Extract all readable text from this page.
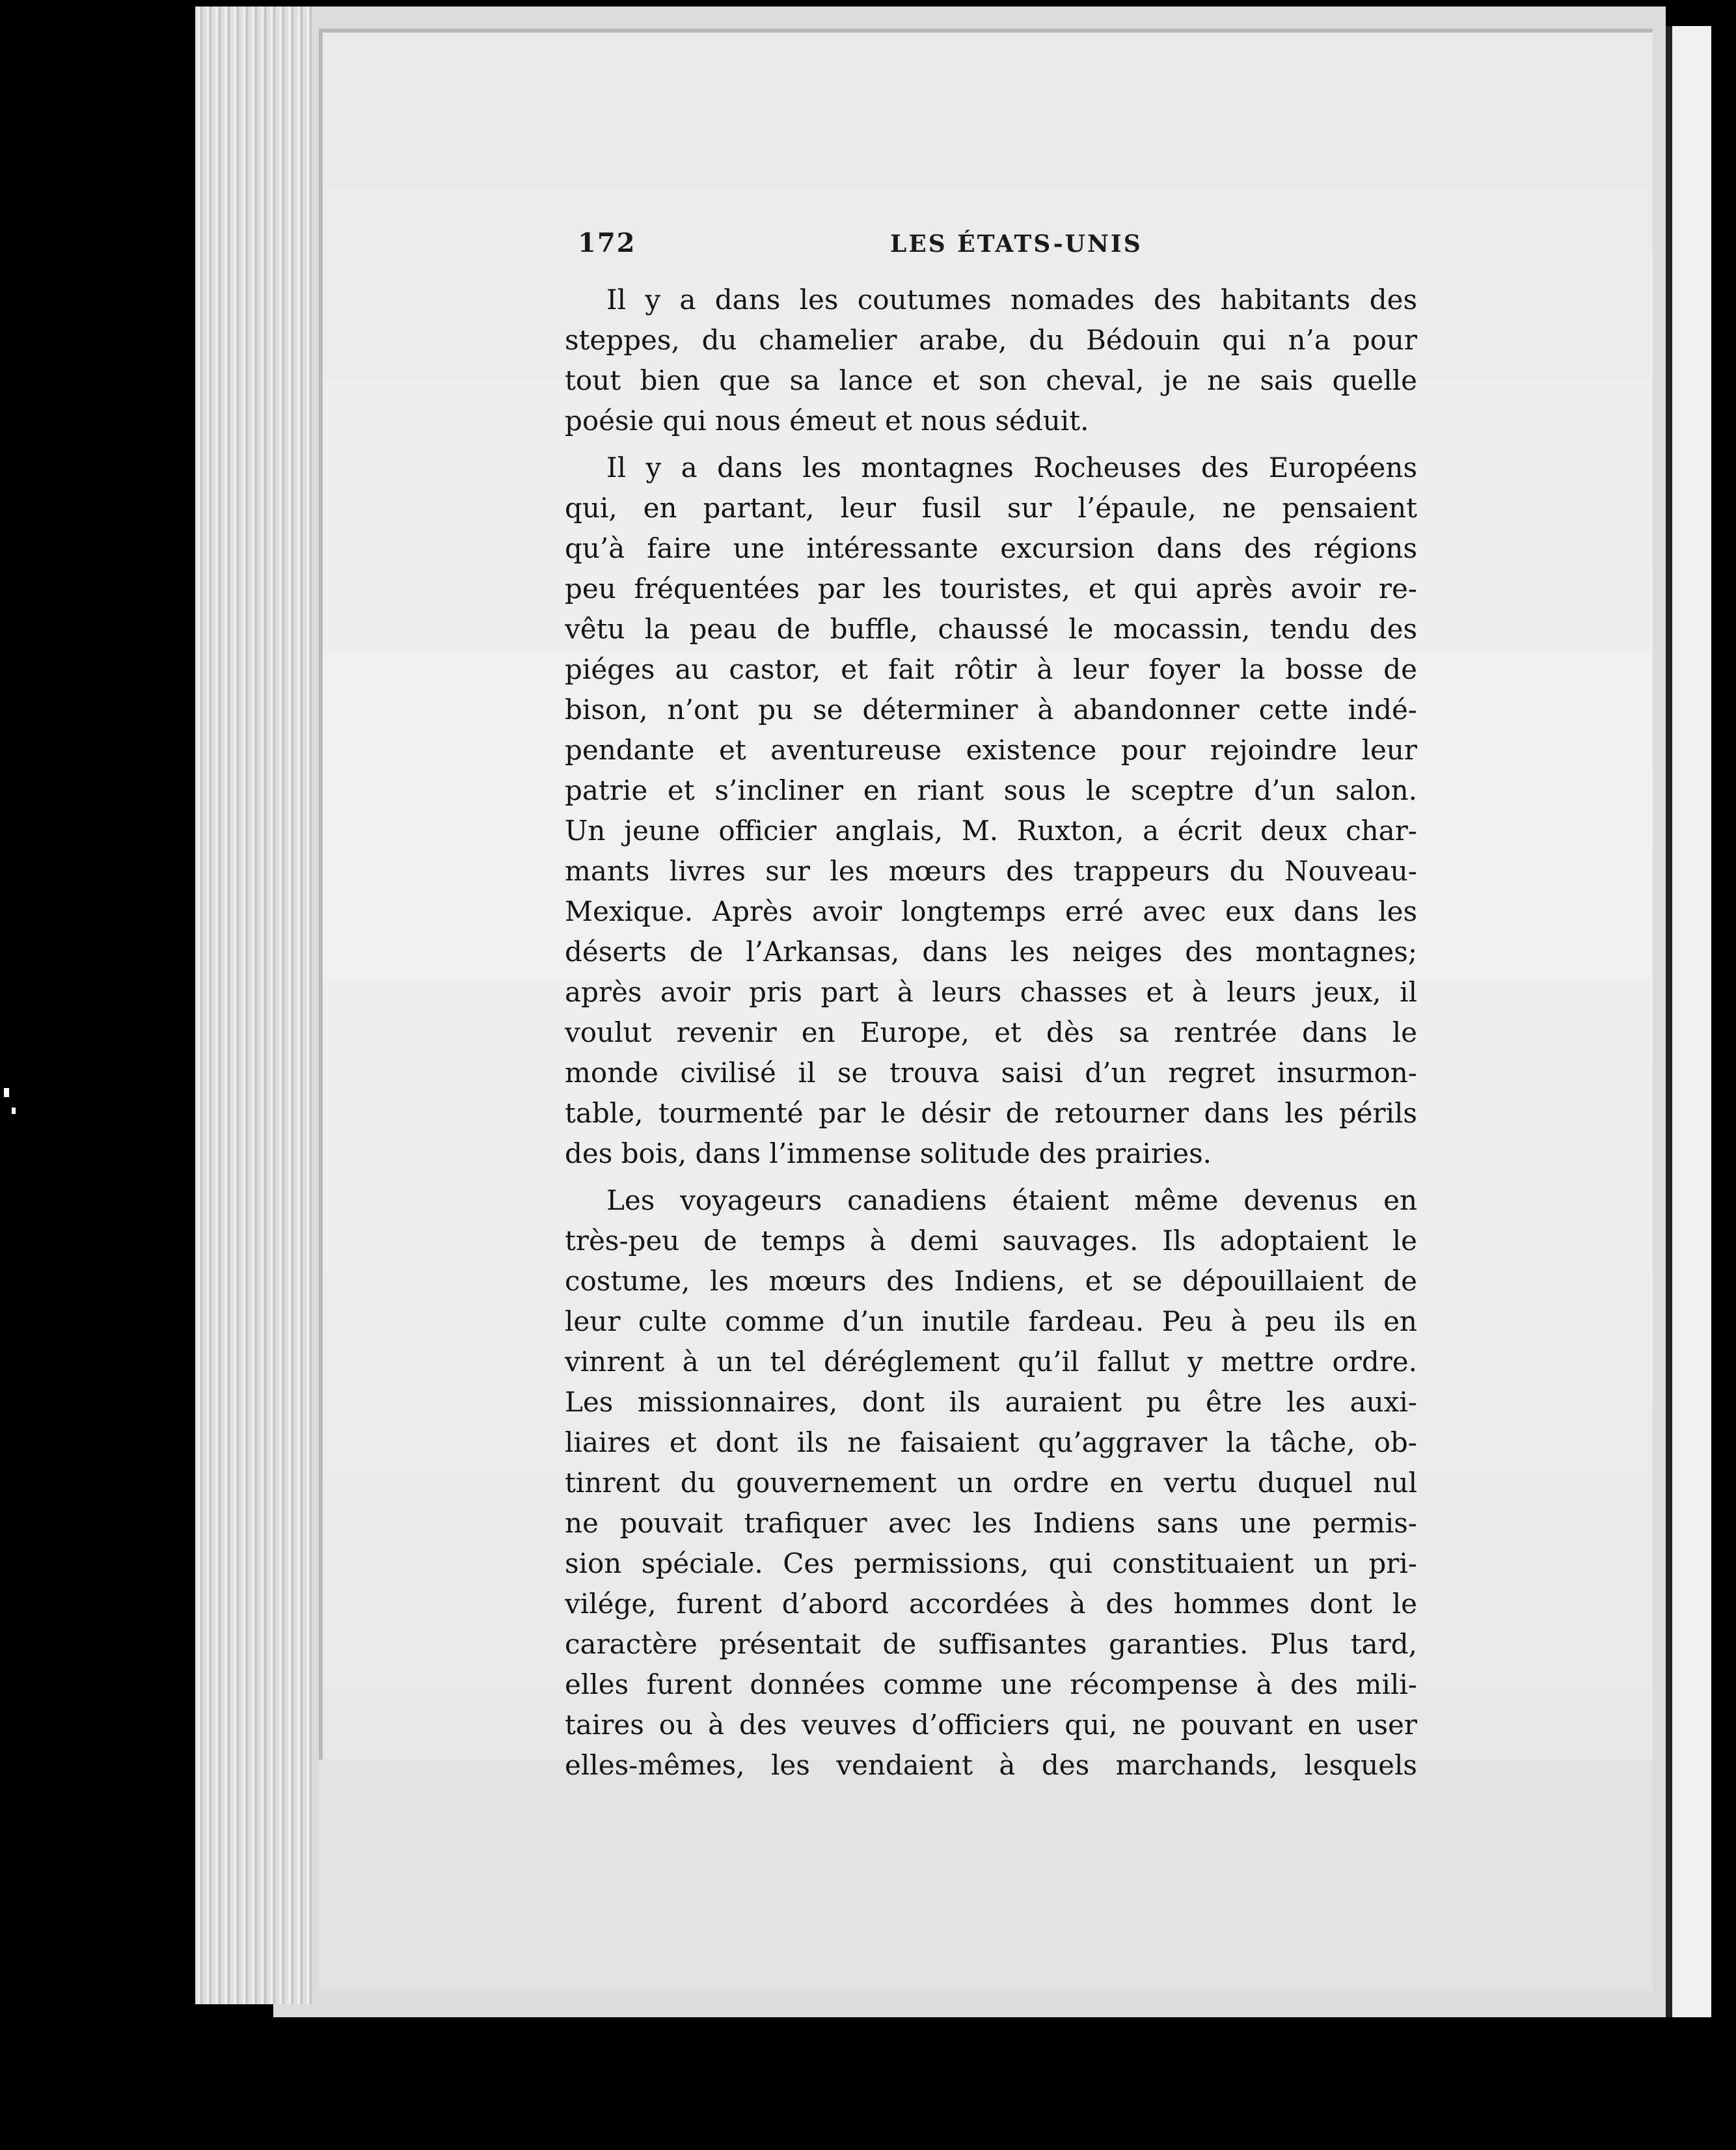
172	LES ÉTATS-UNIS
Il y a dans les coutumes nomades des habitants des
steppes, du chamelier arabe, du Bédouin qui n’a pour
tout bien que sa lance et son cheval, je ne sais quelle
poésie qui nous émeut et nous séduit.
Il y a dans les montagnes Rocheuses des Européens
qui, en partant, leur fusil sur l’épaule, ne pensaient
qu’à faire une intéressante excursion dans des régions
peu fréquentées par les touristes, et qui après avoir re-
vêtu la peau de buffle, chaussé le mocassin, tendu des
piéges au castor, et fait rôtir à leur foyer la bosse de
bison, n’ont pu se déterminer à abandonner cette indé-
pendante et aventureuse existence pour rejoindre leur
patrie et s’incliner en riant sous le sceptre d’un salon.
Un jeune officier anglais, M. Ruxton, a écrit deux char-
mants livres sur les mœurs des trappeurs du Nouveau-
Mexique. Après avoir longtemps erré avec eux dans les
déserts de l’Arkansas, dans les neiges des montagnes;
après avoir pris part à leurs chasses et à leurs jeux, il
voulut revenir en Europe, et dès sa rentrée dans le
monde civilisé il se trouva saisi d’un regret insurmon-
table, tourmenté par le désir de retourner dans les périls
des bois, dans l’immense solitude des prairies.
Les voyageurs canadiens étaient même devenus en
très-peu de temps à demi sauvages. Ils adoptaient le
costume, les mœurs des Indiens, et se dépouillaient de
leur culte comme d’un inutile fardeau. Peu à peu ils en
vinrent à un tel déréglement qu’il fallut y mettre ordre.
Les missionnaires, dont ils auraient pu être les auxi-
liaires et dont ils ne faisaient qu’aggraver la tâche, ob-
tinrent du gouvernement un ordre en vertu duquel nul
ne pouvait trafiquer avec les Indiens sans une permis-
sion spéciale. Ces permissions, qui constituaient un pri-
vilége, furent d’abord accordées à des hommes dont le
caractère présentait de suffisantes garanties. Plus tard,
elles furent données comme une récompense à des mili-
taires ou à des veuves d’officiers qui, ne pouvant en user
elles-mêmes, les vendaient à des marchands, lesquels
